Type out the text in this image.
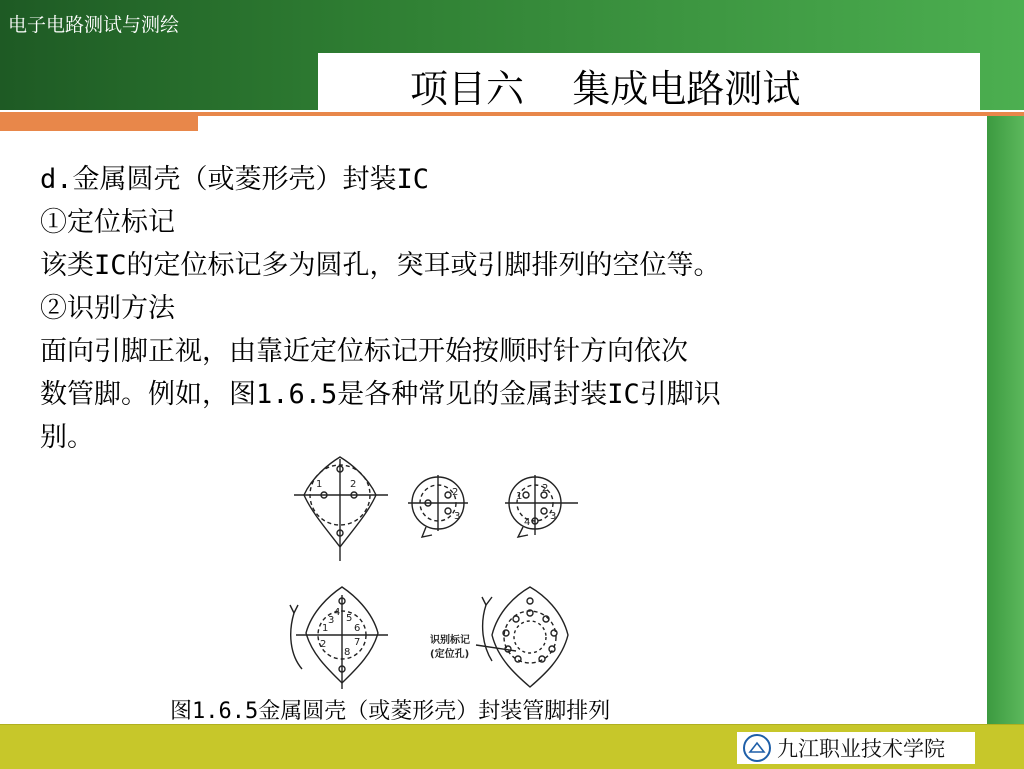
电子电路测试与测绘
项目六    集成电路测试
d.金属圆壳（或菱形壳）封装IC
①定位标记
该类IC的定位标记多为圆孔，突耳或引脚排列的空位等。
②识别方法
面向引脚正视，由靠近定位标记开始按顺时针方向依次
数管脚。例如，图1.6.5是各种常见的金属封装IC引脚识
别。
1	2
2
3
1
2
3
4
1
2
3
4
5
6
7
8
识别标记
(定位孔)
图1.6.5金属圆壳（或菱形壳）封装管脚排列
九江职业技术学院
